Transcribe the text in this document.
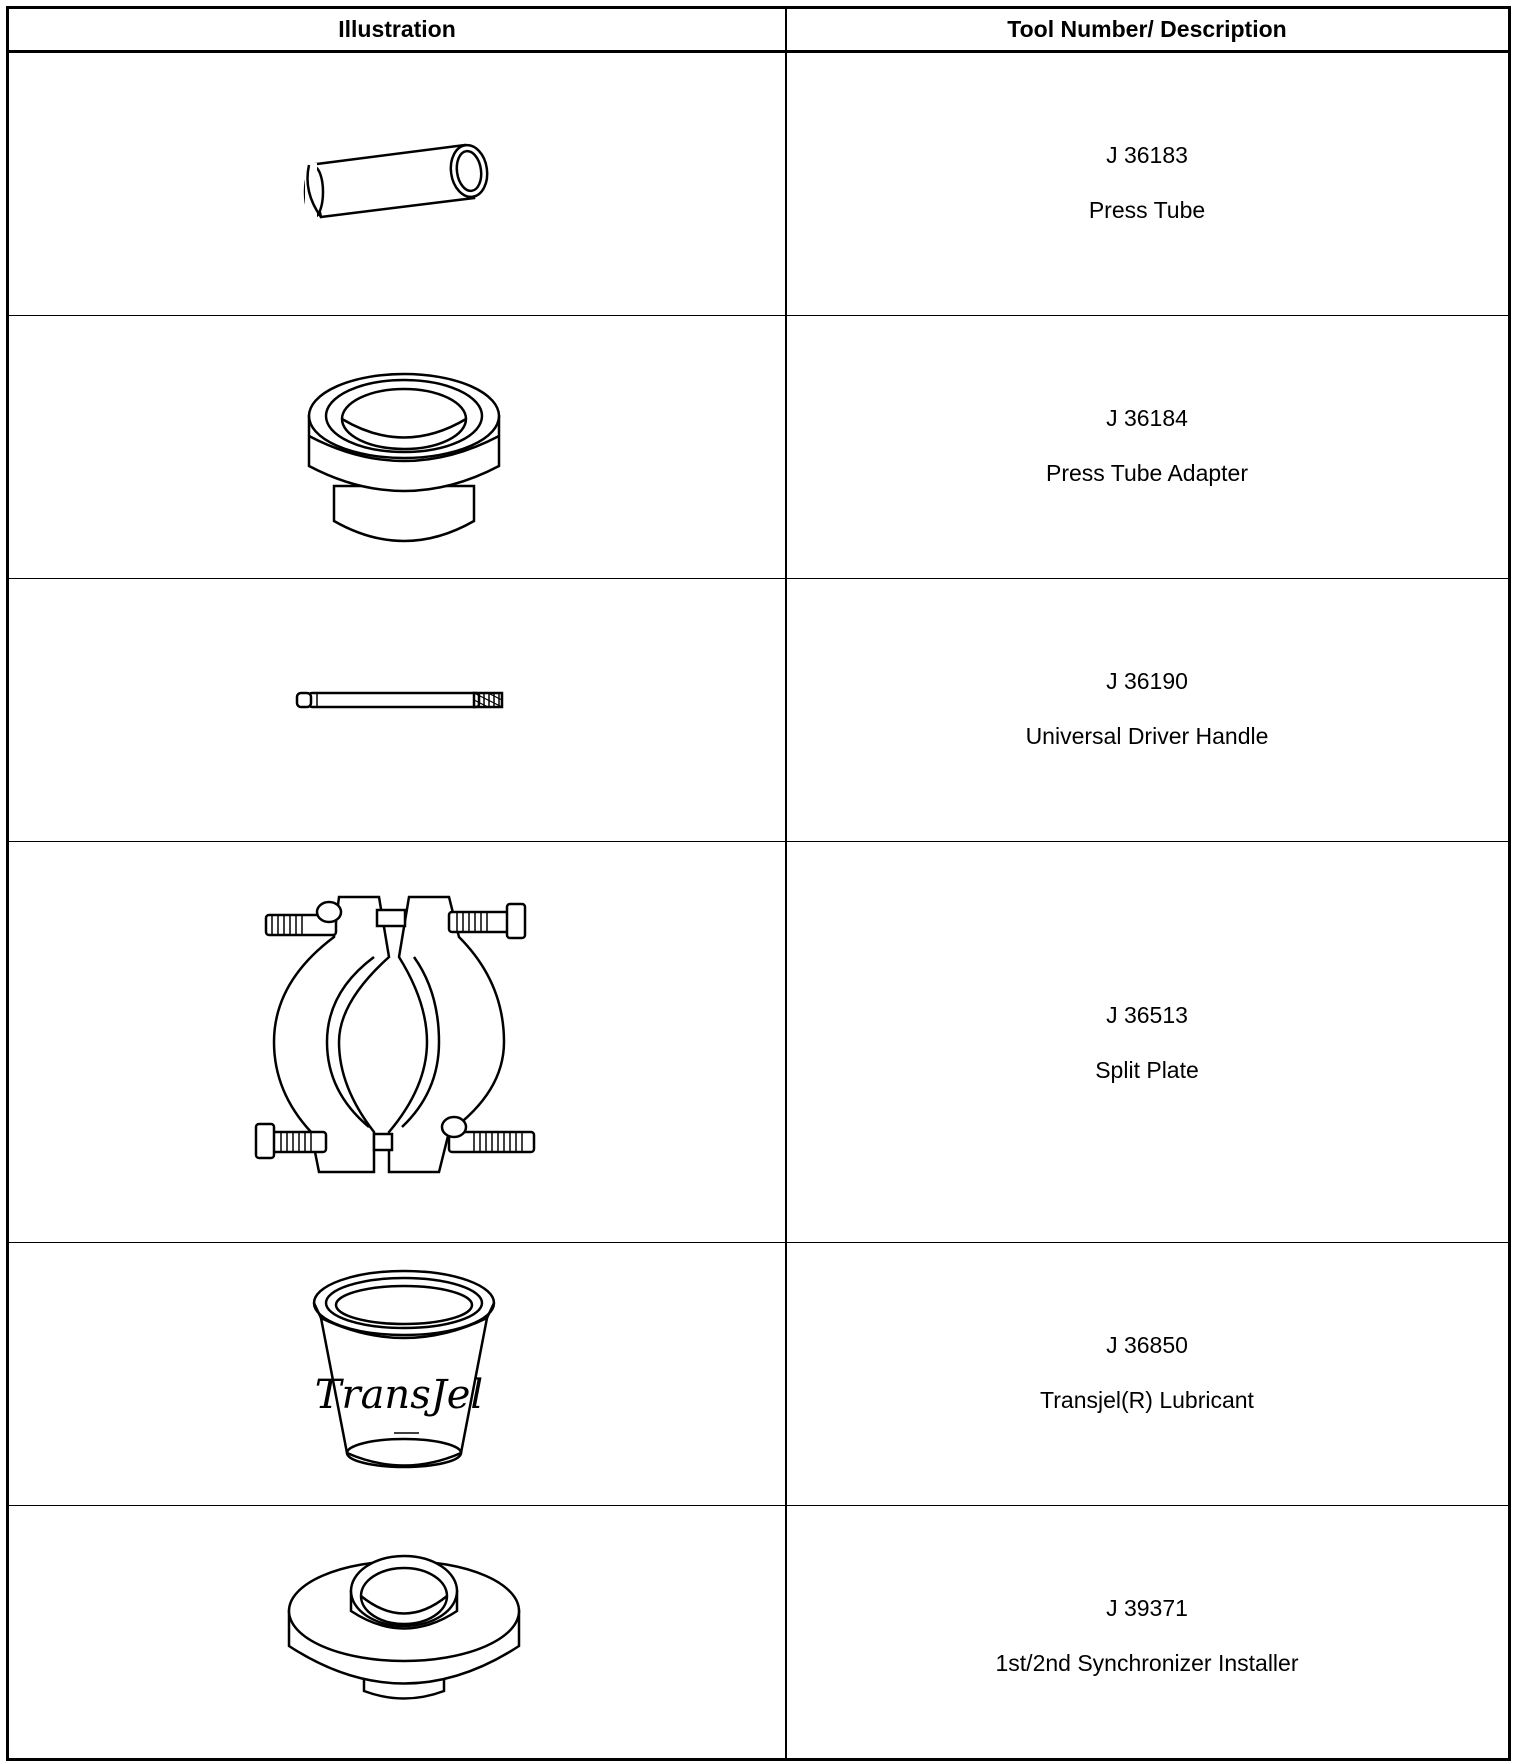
Illustration	Tool Number/ Description
J 36183
Press Tube
J 36184
Press Tube Adapter
J 36190
Universal Driver Handle
J 36513
Split Plate
TransJel
J 36850
Transjel(R) Lubricant
J 39371
1st/2nd Synchronizer Installer
